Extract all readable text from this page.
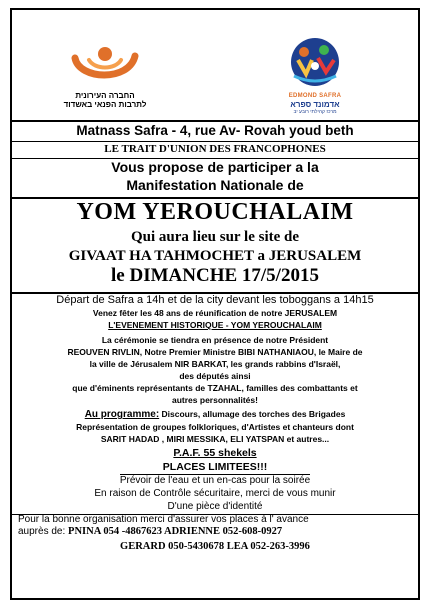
החברה העירונית
לתרבות הפנאי באשדוד
EDMOND SAFRA
אדמונד ספרא
מרכז קהילתי רובע יב
Matnass Safra - 4, rue Av- Rovah youd beth
LE TRAIT D'UNION DES FRANCOPHONES
Vous propose de participer a la
Manifestation Nationale de
YOM YEROUCHALAIM
Qui aura lieu sur le site de
GIVAAT HA TAHMOCHET a JERUSALEM
le DIMANCHE 17/5/2015
Départ de Safra a 14h et de la city devant les toboggans a 14h15
Venez fêter les 48 ans de réunification de notre JERUSALEM
L'EVENEMENT HISTORIQUE - YOM YEROUCHALAIM
La cérémonie se tiendra en présence de notre Président
REOUVEN RIVLIN, Notre Premier Ministre BIBI NATHANIAOU, le Maire de
la ville de Jérusalem NIR BARKAT, les grands rabbins d'Israël,
des députés ainsi
que d'éminents représentants de TZAHAL, familles des combattants et
autres personnalités!
Au programme: Discours, allumage des torches des Brigades
Représentation de groupes folkloriques, d'Artistes et chanteurs dont
SARIT HADAD , MIRI MESSIKA, ELI YATSPAN et autres...
P.A.F. 55 shekels
PLACES LIMITEES!!!
Prévoir de l'eau et un en-cas pour la soirée
En raison de Contrôle sécuritaire, merci de vous munir
D'une pièce d'identité
Pour la bonne organisation merci d'assurer vos places à l' avance
auprès de: PNINA 054 -4867623 ADRIENNE 052-608-0927
GERARD 050-5430678 LEA 052-263-3996
